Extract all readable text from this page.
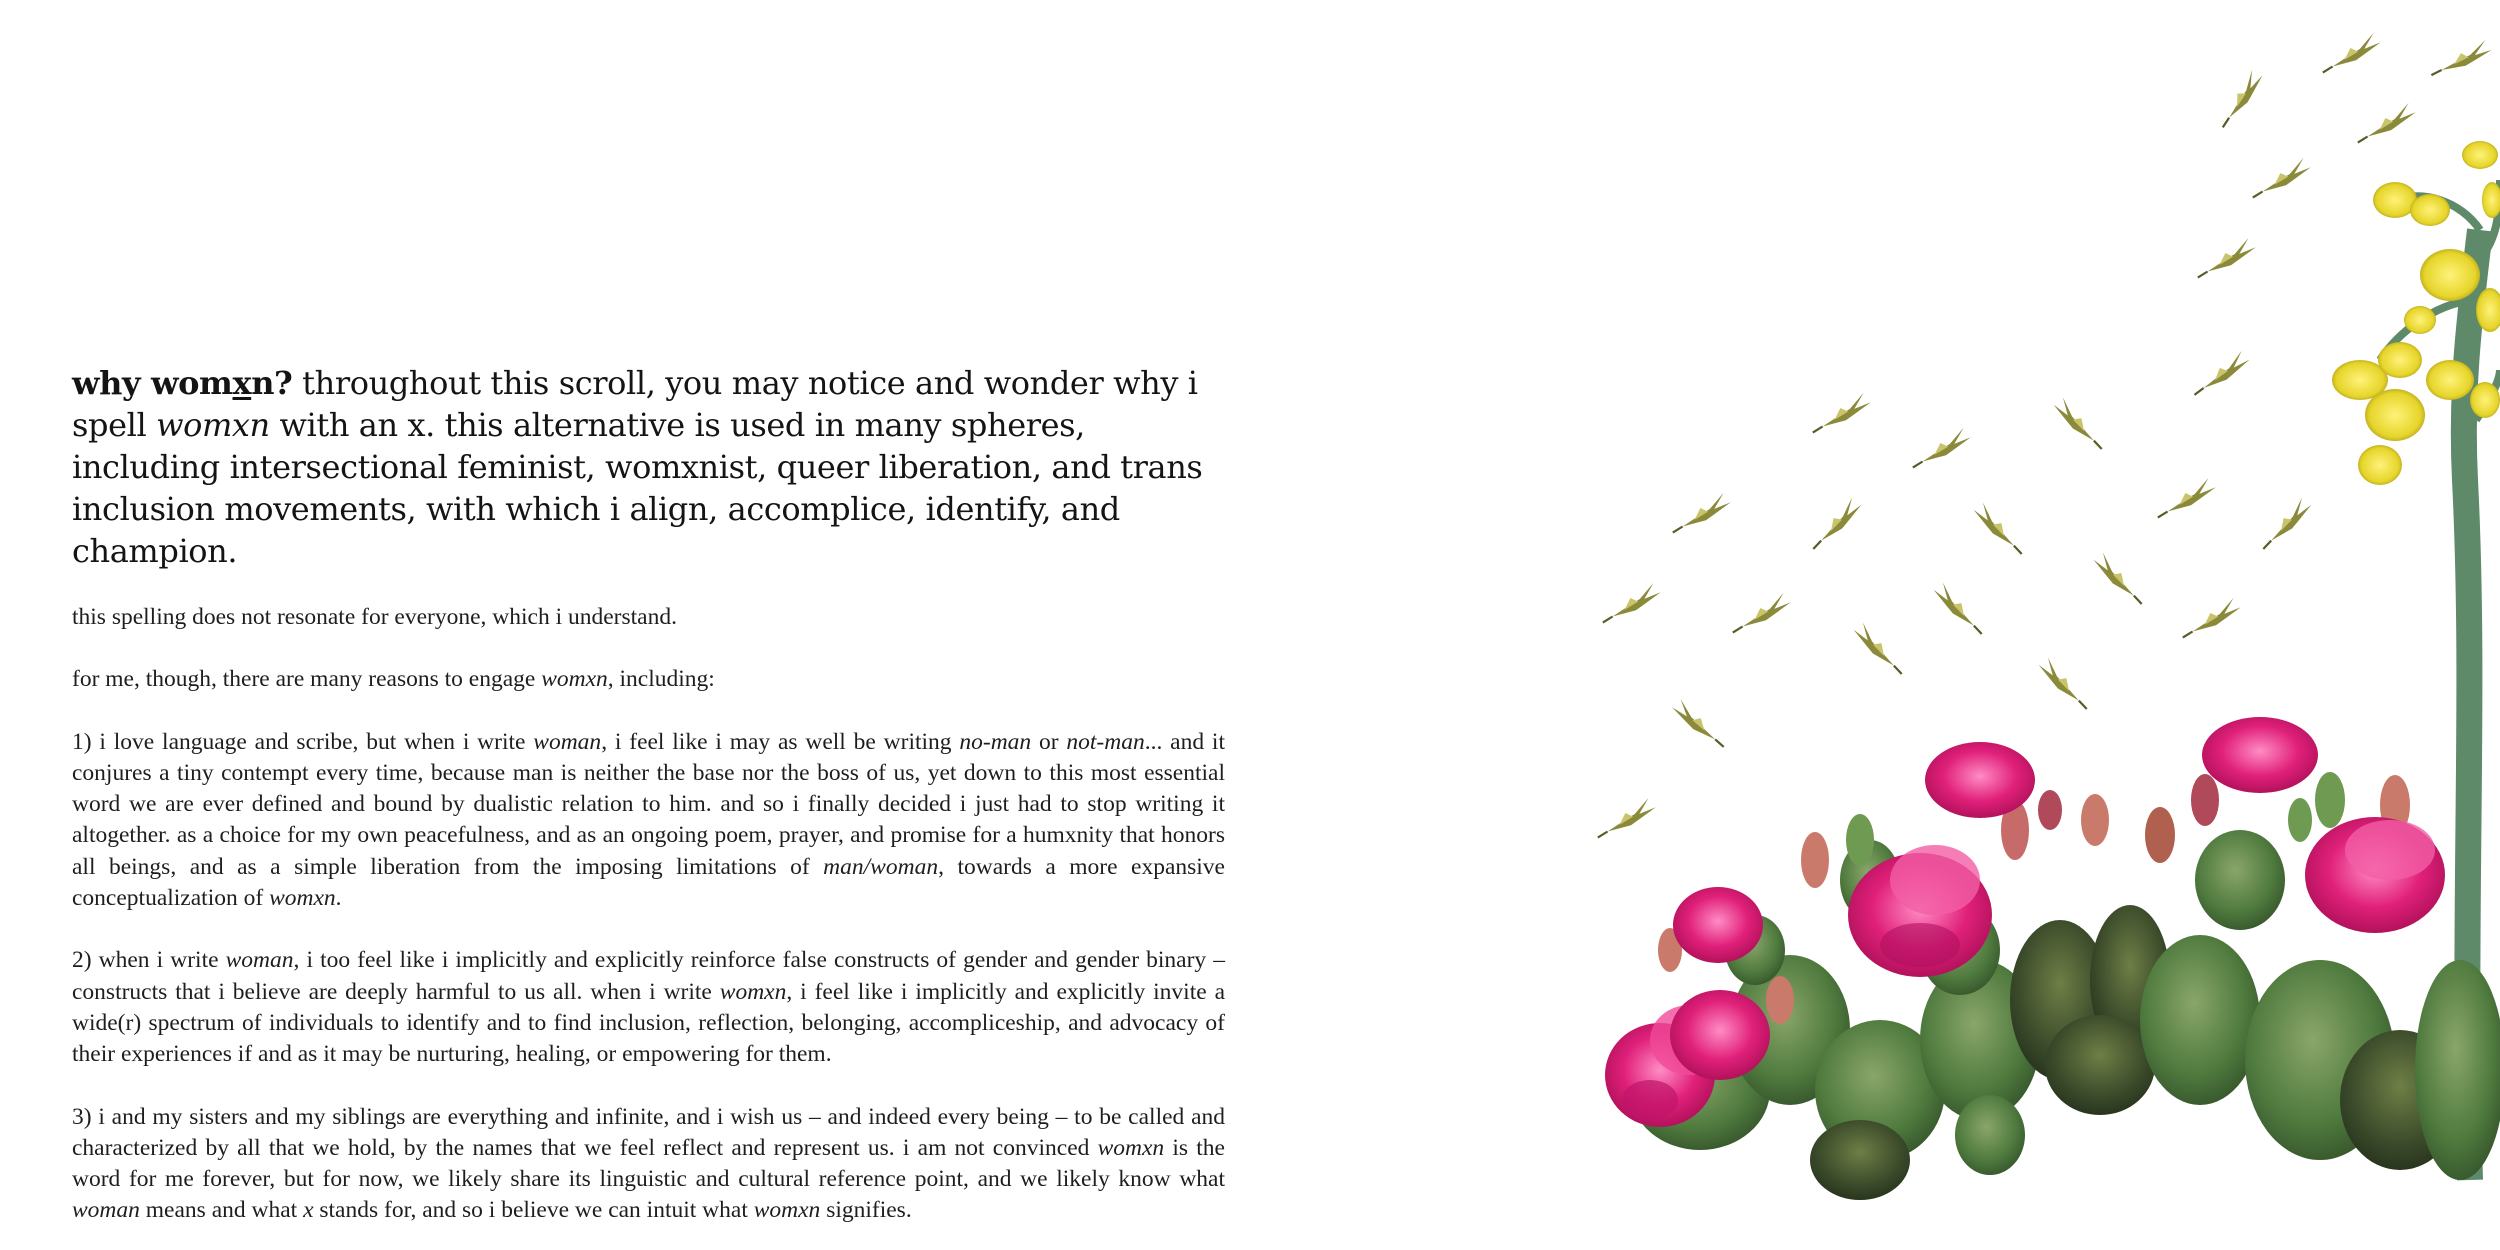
why womxn? throughout this scroll, you may notice and wonder why i spell womxn with an x. this alternative is used in many spheres, including intersectional feminist, womxnist, queer liberation, and trans inclusion movements, with which i align, accomplice, identify, and champion.

this spelling does not resonate for everyone, which i understand.

for me, though, there are many reasons to engage womxn, including:

1) i love language and scribe, but when i write woman, i feel like i may as well be writing no-man or not-man... and it conjures a tiny contempt every time, because man is neither the base nor the boss of us, yet down to this most essential word we are ever defined and bound by dualistic relation to him. and so i finally decided i just had to stop writing it altogether. as a choice for my own peacefulness, and as an ongoing poem, prayer, and promise for a humxnity that honors all beings, and as a simple liberation from the imposing limitations of man/woman, towards a more expansive conceptualization of womxn.

2) when i write woman, i too feel like i implicitly and explicitly reinforce false constructs of gender and gender binary – constructs that i believe are deeply harmful to us all. when i write womxn, i feel like i implicitly and explicitly invite a wide(r) spectrum of individuals to identify and to find inclusion, reflection, belonging, accompliceship, and advocacy of their experiences if and as it may be nurturing, healing, or empowering for them.

3) i and my sisters and my siblings are everything and infinite, and i wish us – and indeed every being – to be called and characterized by all that we hold, by the names that we feel reflect and represent us. i am not convinced womxn is the word for me forever, but for now, we likely share its linguistic and cultural reference point, and we likely know what woman means and what x stands for, and so i believe we can intuit what womxn signifies.
